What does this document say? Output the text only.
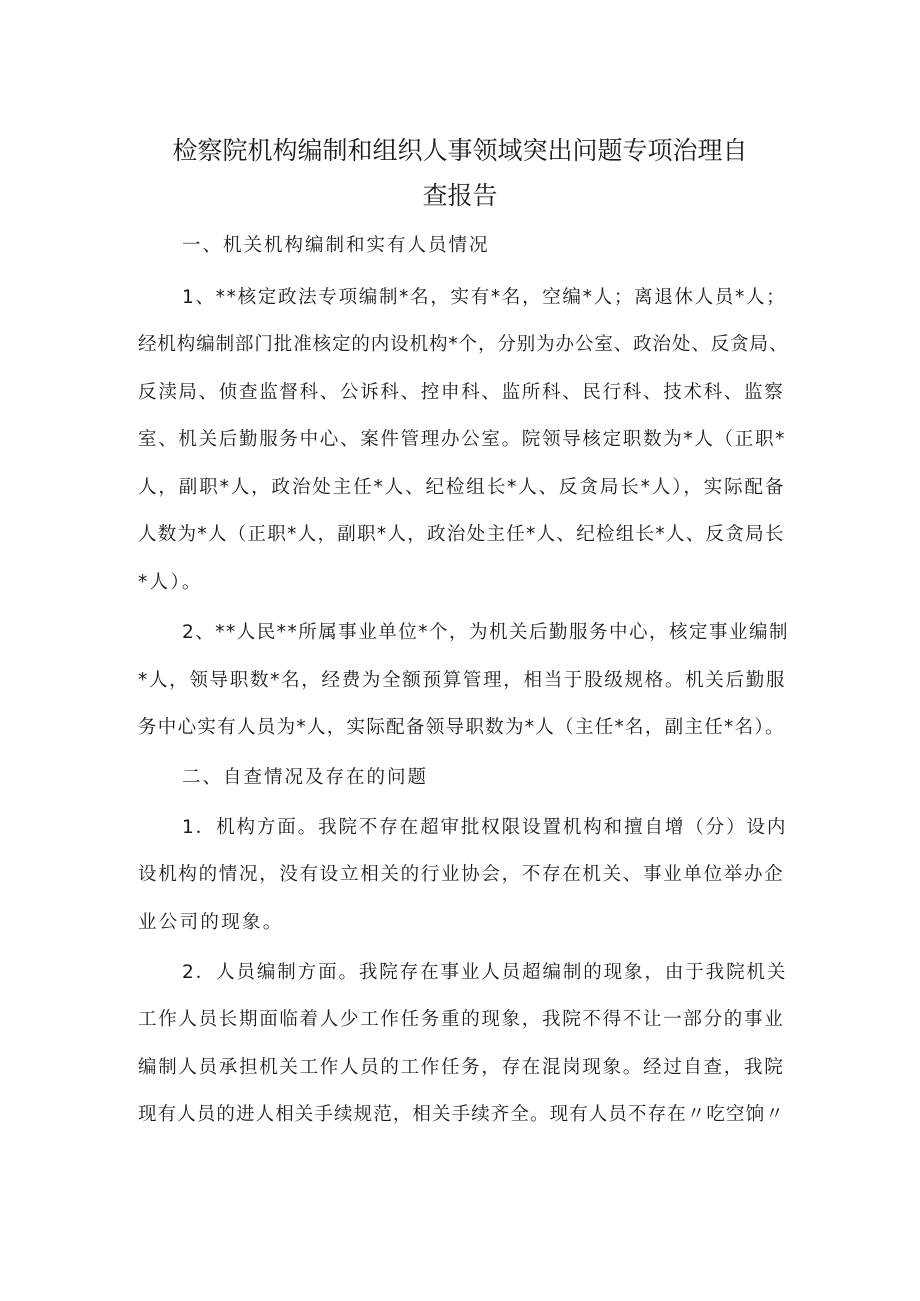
检察院机构编制和组织人事领域突出问题专项治理自
查报告

一、机关机构编制和实有人员情况

1、**核定政法专项编制*名，实有*名，空编*人；离退休人员*人；

经机构编制部门批准核定的内设机构*个，分别为办公室、政治处、反贪局、

反渎局、侦查监督科、公诉科、控申科、监所科、民行科、技术科、监察

室、机关后勤服务中心、案件管理办公室。院领导核定职数为*人（正职*

人，副职*人，政治处主任*人、纪检组长*人、反贪局长*人），实际配备

人数为*人（正职*人，副职*人，政治处主任*人、纪检组长*人、反贪局长

*人）。

2、**人民**所属事业单位*个，为机关后勤服务中心，核定事业编制

*人，领导职数*名，经费为全额预算管理，相当于股级规格。机关后勤服

务中心实有人员为*人，实际配备领导职数为*人（主任*名，副主任*名）。

二、自查情况及存在的问题

1．机构方面。我院不存在超审批权限设置机构和擅自增（分）设内

设机构的情况，没有设立相关的行业协会，不存在机关、事业单位举办企

业公司的现象。

2．人员编制方面。我院存在事业人员超编制的现象，由于我院机关

工作人员长期面临着人少工作任务重的现象，我院不得不让一部分的事业

编制人员承担机关工作人员的工作任务，存在混岗现象。经过自查，我院

现有人员的进人相关手续规范，相关手续齐全。现有人员不存在〃吃空饷〃
